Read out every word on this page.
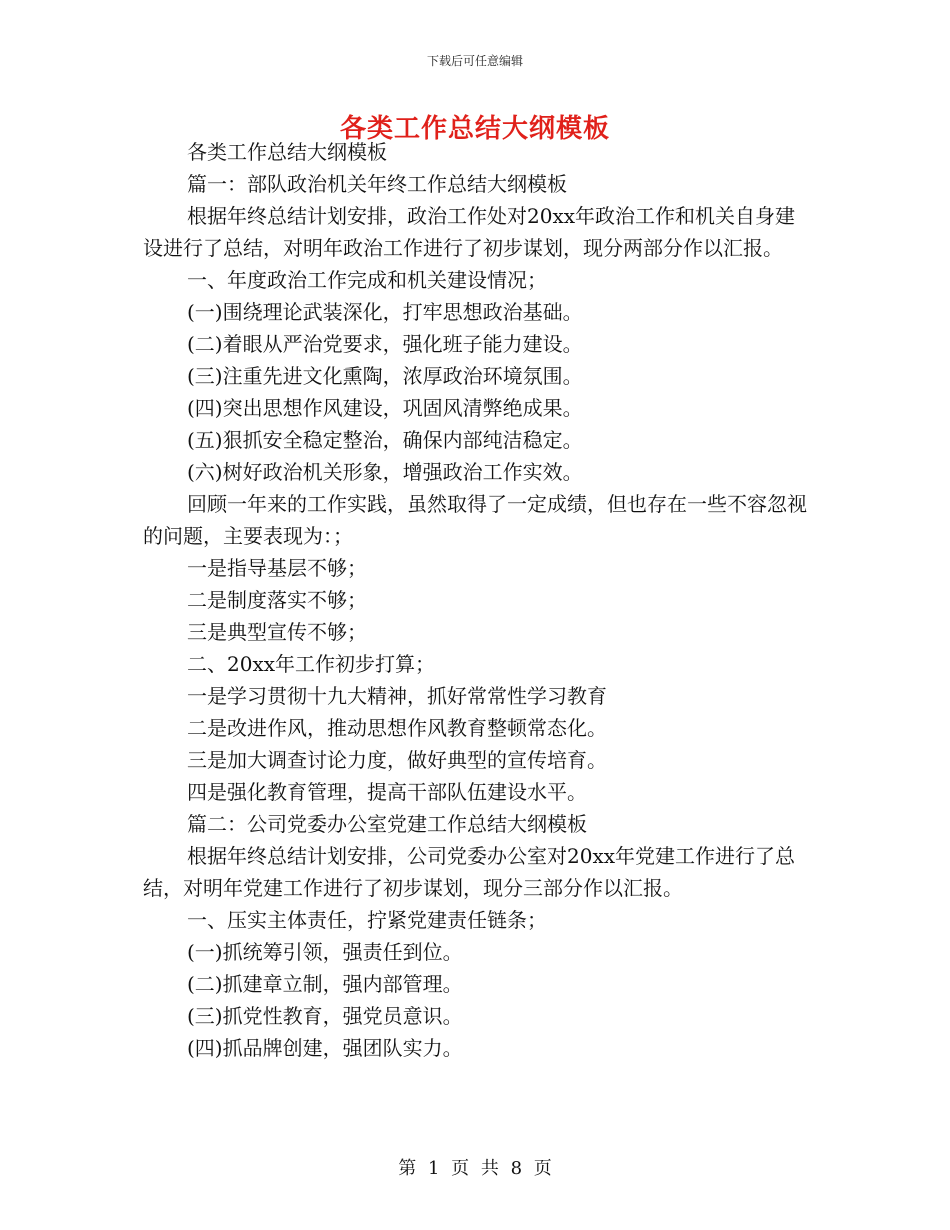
下载后可任意编辑
各类工作总结大纲模板

各类工作总结大纲模板

篇一：部队政治机关年终工作总结大纲模板

根据年终总结计划安排，政治工作处对20xx年政治工作和机关自身建设进行了总结，对明年政治工作进行了初步谋划，现分两部分作以汇报。

一、年度政治工作完成和机关建设情况；

(一)围绕理论武装深化，打牢思想政治基础。

(二)着眼从严治党要求，强化班子能力建设。

(三)注重先进文化熏陶，浓厚政治环境氛围。

(四)突出思想作风建设，巩固风清弊绝成果。

(五)狠抓安全稳定整治，确保内部纯洁稳定。

(六)树好政治机关形象，增强政治工作实效。

回顾一年来的工作实践，虽然取得了一定成绩，但也存在一些不容忽视的问题，主要表现为：；

一是指导基层不够；

二是制度落实不够；

三是典型宣传不够；

二、20xx年工作初步打算；

一是学习贯彻十九大精神，抓好常常性学习教育

二是改进作风，推动思想作风教育整顿常态化。

三是加大调查讨论力度，做好典型的宣传培育。

四是强化教育管理，提高干部队伍建设水平。

篇二：公司党委办公室党建工作总结大纲模板

根据年终总结计划安排，公司党委办公室对20xx年党建工作进行了总结，对明年党建工作进行了初步谋划，现分三部分作以汇报。

一、压实主体责任，拧紧党建责任链条；

(一)抓统筹引领，强责任到位。

(二)抓建章立制，强内部管理。

(三)抓党性教育，强党员意识。

(四)抓品牌创建，强团队实力。

第 1 页 共 8 页
